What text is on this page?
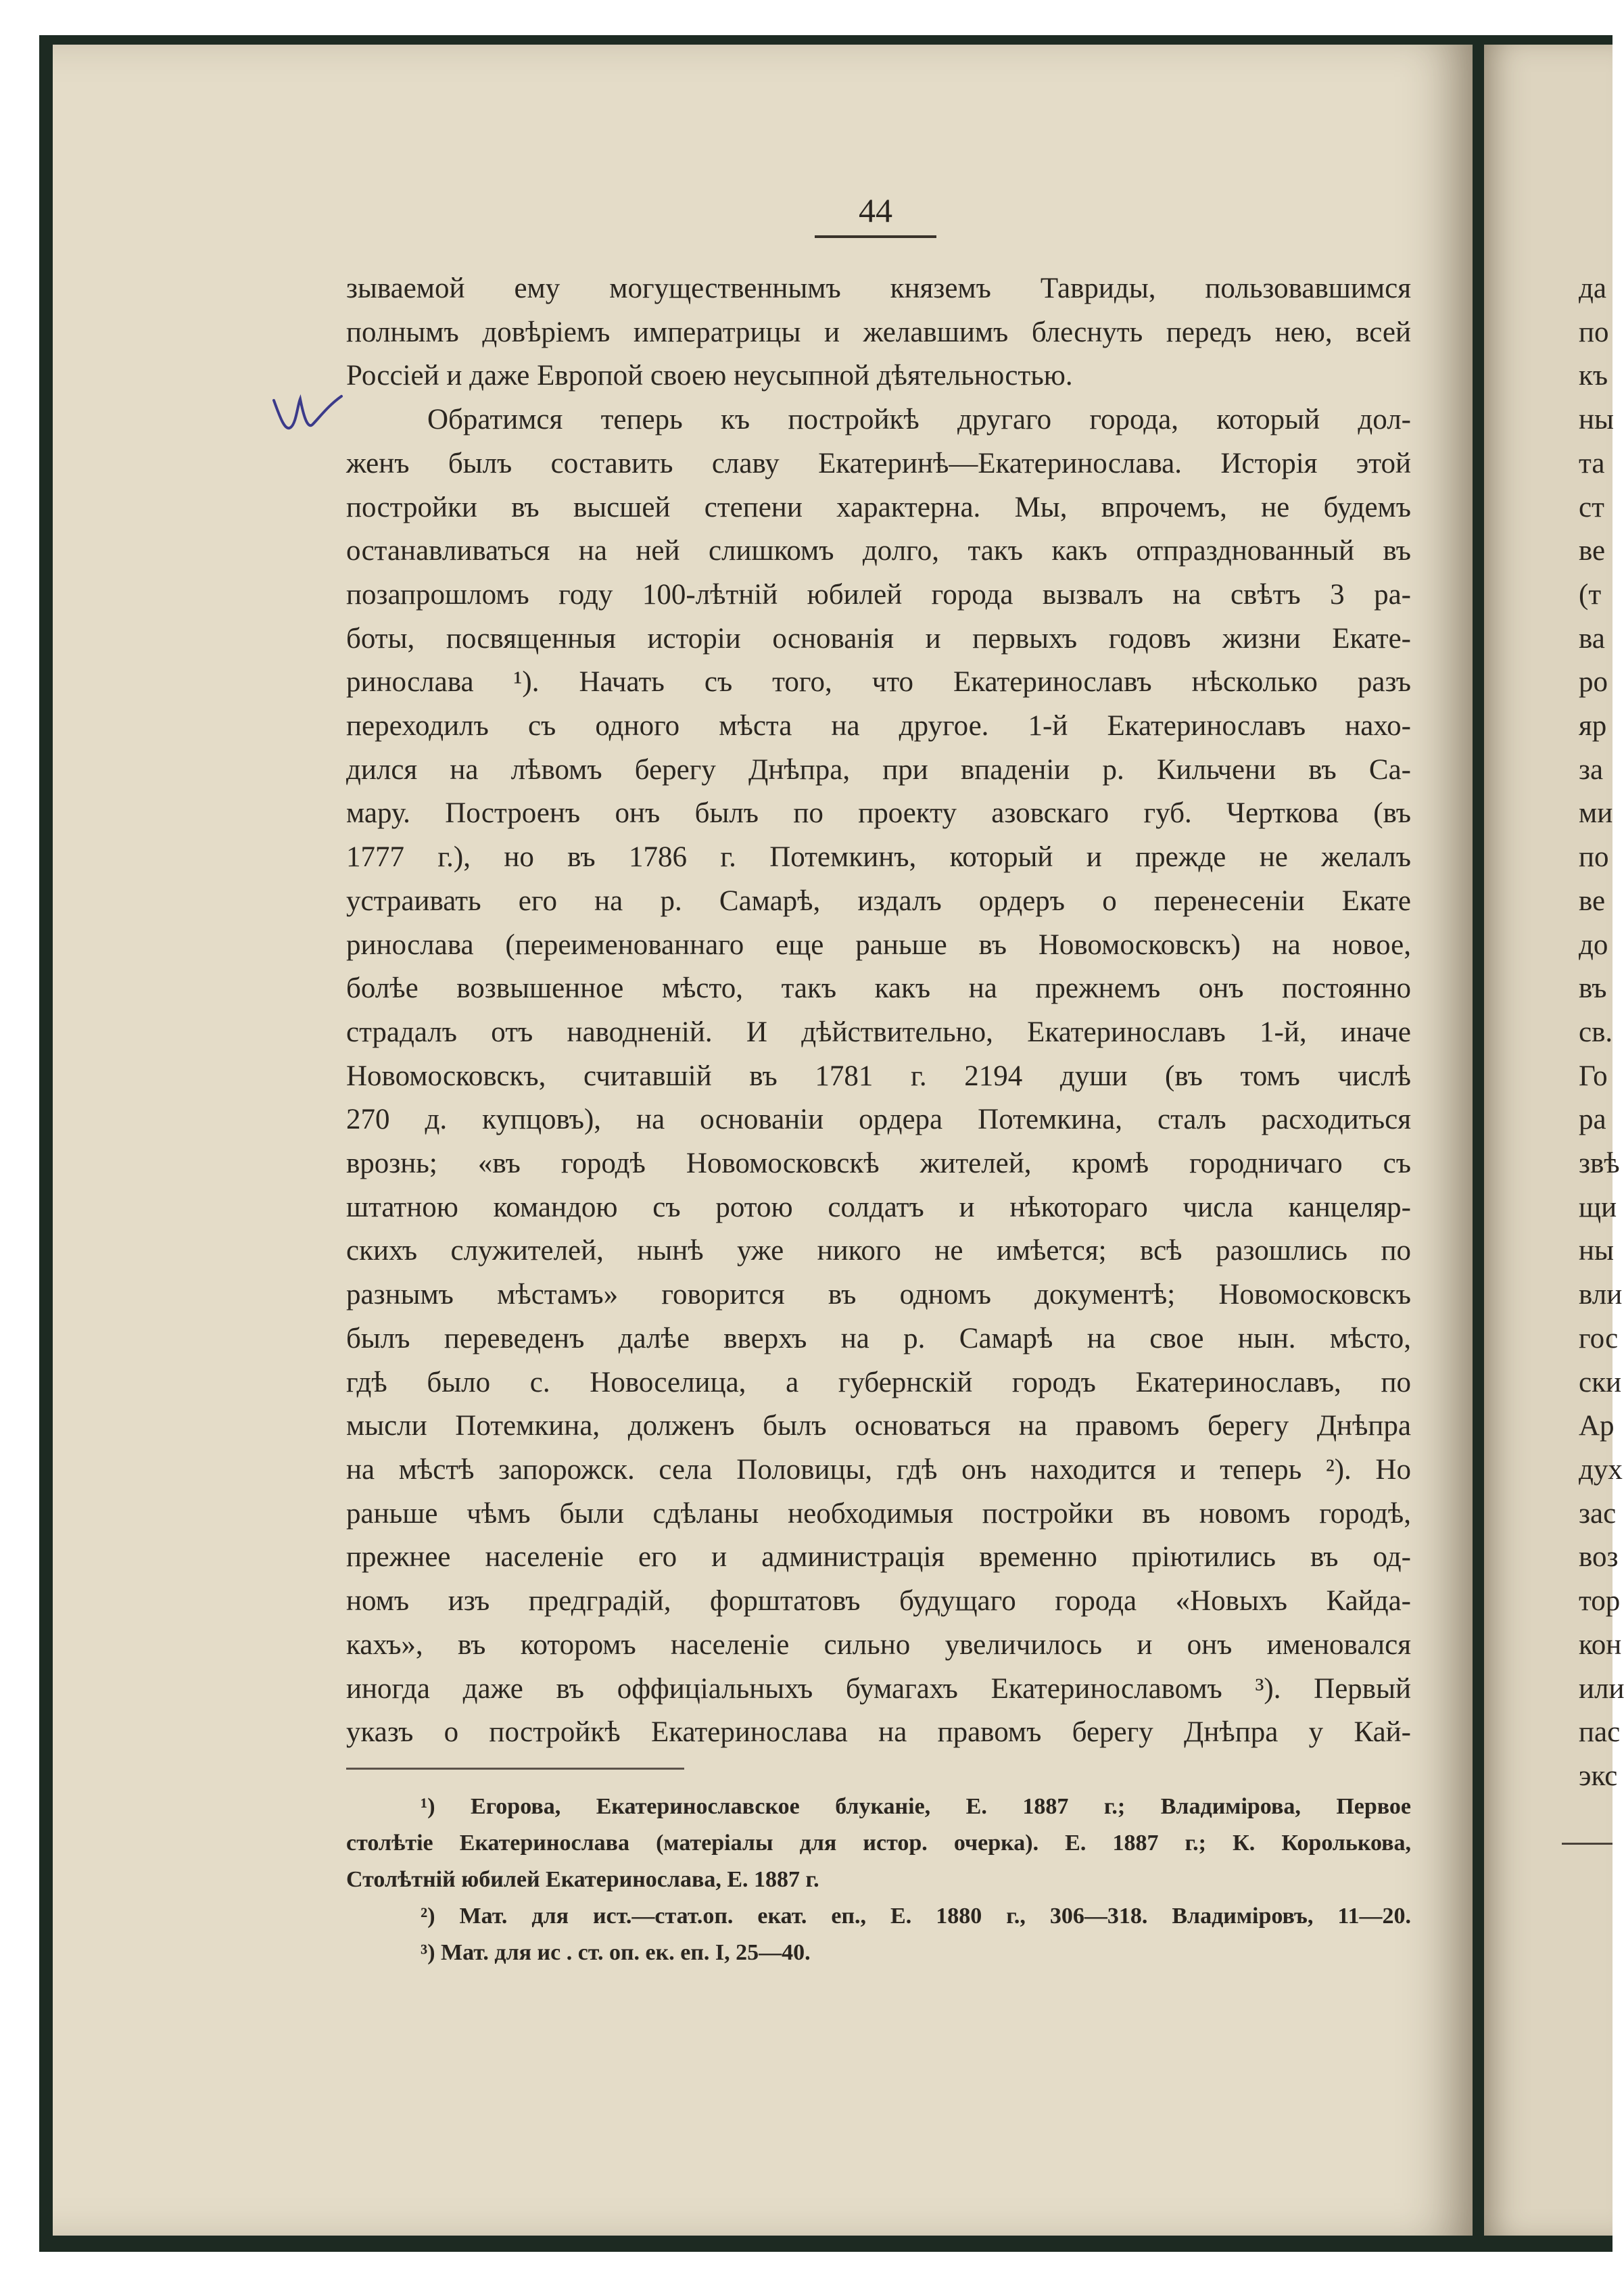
44
зываемой ему могущественнымъ княземъ Тавриды, пользовавшимся
полнымъ довѣріемъ императрицы и желавшимъ блеснуть передъ нею, всей
Россіей и даже Европой своею неусыпной дѣятельностью.
Обратимся теперь къ постройкѣ другаго города, который дол-
женъ былъ составить славу Екатеринѣ—Екатеринослава. Исторія этой
постройки въ высшей степени характерна. Мы, впрочемъ, не будемъ
останавливаться на ней слишкомъ долго, такъ какъ отпразднованный въ
позапрошломъ году 100-лѣтній юбилей города вызвалъ на свѣтъ 3 ра-
боты, посвященныя исторіи основанія и первыхъ годовъ жизни Екате-
ринослава ¹). Начать съ того, что Екатеринославъ нѣсколько разъ
переходилъ съ одного мѣста на другое. 1-й Екатеринославъ нахо-
дился на лѣвомъ берегу Днѣпра, при впаденіи р. Кильчени въ Са-
мару. Построенъ онъ былъ по проекту азовскаго губ. Черткова (въ
1777 г.), но въ 1786 г. Потемкинъ, который и прежде не желалъ
устраивать его на р. Самарѣ, издалъ ордеръ о перенесеніи Екате
ринослава (переименованнаго еще раньше въ Новомосковскъ) на новое,
болѣе возвышенное мѣсто, такъ какъ на прежнемъ онъ постоянно
страдалъ отъ наводненій. И дѣйствительно, Екатеринославъ 1-й, иначе
Новомосковскъ, считавшій въ 1781 г. 2194 души (въ томъ числѣ
270 д. купцовъ), на основаніи ордера Потемкина, сталъ расходиться
врознь; «въ городѣ Новомосковскѣ жителей, кромѣ городничаго съ
штатною командою съ ротою солдатъ и нѣкотораго числа канцеляр-
скихъ служителей, нынѣ уже никого не имѣется; всѣ разошлись по
разнымъ мѣстамъ» говорится въ одномъ документѣ; Новомосковскъ
былъ переведенъ далѣе вверхъ на р. Самарѣ на свое нын. мѣсто,
гдѣ было с. Новоселица, а губернскій городъ Екатеринославъ, по
мысли Потемкина, долженъ былъ основаться на правомъ берегу Днѣпра
на мѣстѣ запорожск. села Половицы, гдѣ онъ находится и теперь ²). Но
раньше чѣмъ были сдѣланы необходимыя постройки въ новомъ городѣ,
прежнее населеніе его и администрація временно пріютились въ од-
номъ изъ предградій, форштатовъ будущаго города «Новыхъ Кайда-
кахъ», въ которомъ населеніе сильно увеличилось и онъ именовался
иногда даже въ оффиціальныхъ бумагахъ Екатеринославомъ ³). Первый
указъ о постройкѣ Екатеринослава на правомъ берегу Днѣпра у Кай-
¹) Егорова, Екатеринославское блуканіе, Е. 1887 г.; Владимірова, Первое
столѣтіе Екатеринослава (матеріалы для истор. очерка). Е. 1887 г.; К. Королькова,
Столѣтній юбилей Екатеринослава, Е. 1887 г.
²) Мат. для ист.—стат.оп. екат. еп., Е. 1880 г., 306—318. Владиміровъ, 11—20.
³) Мат. для ис . ст. оп. ек. еп. I, 25—40.
да
по
къ
ны
та
ст
ве
(т
ва
ро
яр
за
ми
по
ве
до
въ
св.
Го
ра
звѣ
щи
ны
вли
гос
ски
Ар
дух
зас
воз
тор
кон
или
пас
экс
